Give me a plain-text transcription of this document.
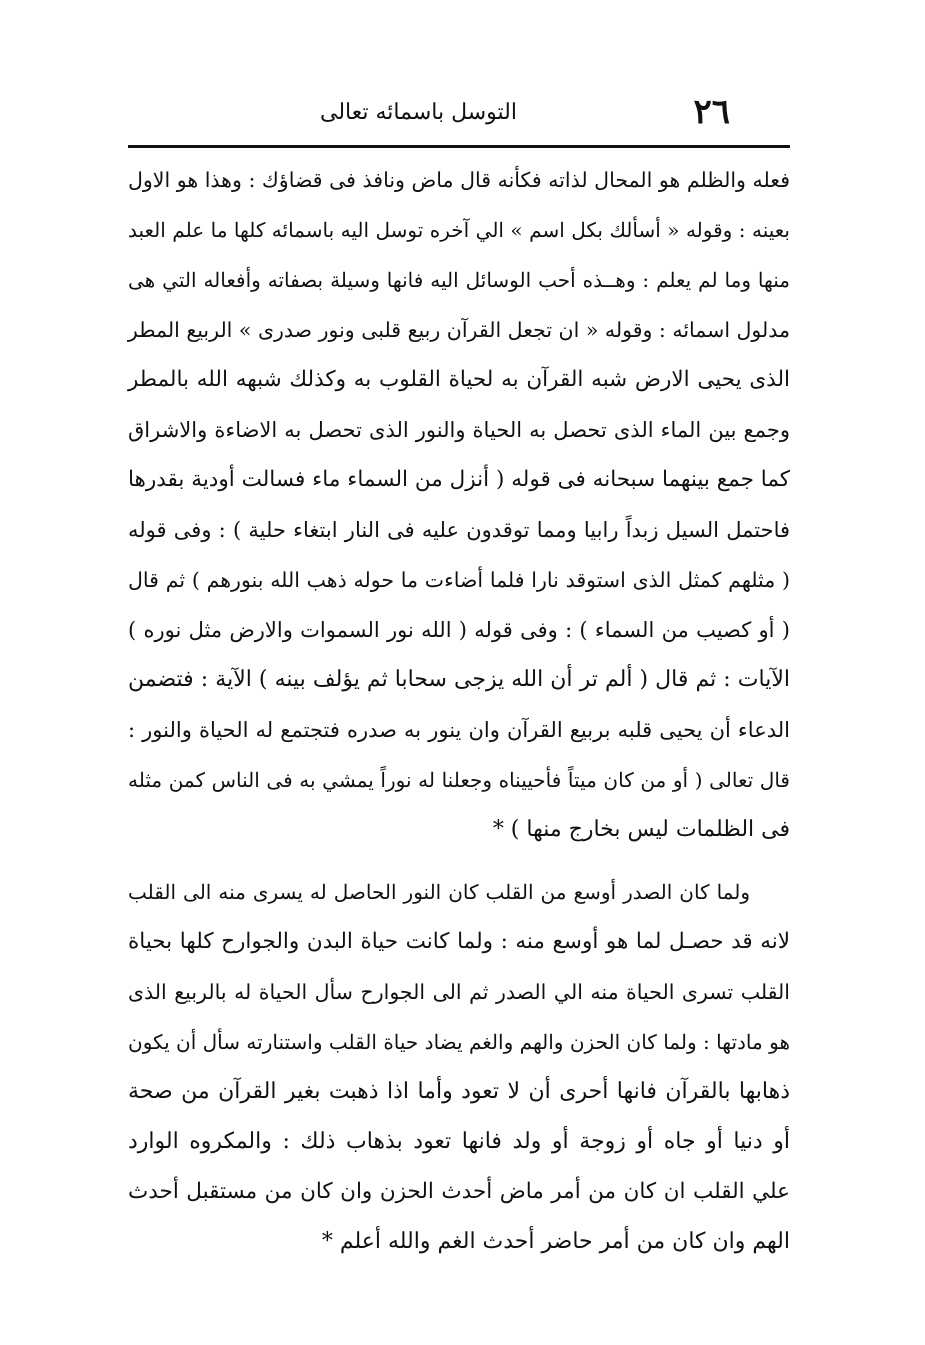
٢٦
التوسل باسمائه تعالى
فعله والظلم هو المحال لذاته فكأنه قال ماض ونافذ فى قضاؤك : وهذا هو الاول
بعينه : وقوله « أسألك بكل اسم » الي آخره توسل اليه باسمائه كلها ما علم العبد
منها وما لم يعلم : وهــذه أحب الوسائل اليه فانها وسيلة بصفاته وأفعاله التي هى
مدلول اسمائه : وقوله « ان تجعل القرآن ربيع قلبى ونور صدرى » الربيع المطر
الذى يحيى الارض شبه القرآن به لحياة القلوب به وكذلك شبهه الله بالمطر
وجمع بين الماء الذى تحصل به الحياة والنور الذى تحصل به الاضاءة والاشراق
كما جمع بينهما سبحانه فى قوله ( أنزل من السماء ماء فسالت أودية بقدرها
فاحتمل السيل زبداً رابيا ومما توقدون عليه فى النار ابتغاء حلية ) : وفى قوله
( مثلهم كمثل الذى استوقد نارا فلما أضاءت ما حوله ذهب الله بنورهم ) ثم قال
( أو كصيب من السماء ) : وفى قوله ( الله نور السموات والارض مثل نوره )
الآيات : ثم قال ( ألم تر أن الله يزجى سحابا ثم يؤلف بينه ) الآية : فتضمن
الدعاء أن يحيى قلبه بربيع القرآن وان ينور به صدره فتجتمع له الحياة والنور :
قال تعالى ( أو من كان ميتاً فأحييناه وجعلنا له نوراً يمشي به فى الناس كمن مثله
فى الظلمات ليس بخارج منها ) *
ولما كان الصدر أوسع من القلب كان النور الحاصل له يسرى منه الى القلب
لانه قد حصـل لما هو أوسع منه : ولما كانت حياة البدن والجوارح كلها بحياة
القلب تسرى الحياة منه الي الصدر ثم الى الجوارح سأل الحياة له بالربيع الذى
هو مادتها : ولما كان الحزن والهم والغم يضاد حياة القلب واستنارته سأل أن يكون
ذهابها بالقرآن فانها أحرى أن لا تعود وأما اذا ذهبت بغير القرآن من صحة
أو دنيا أو جاه أو زوجة أو ولد فانها تعود بذهاب ذلك : والمكروه الوارد
علي القلب ان كان من أمر ماض أحدث الحزن وان كان من مستقبل أحدث
الهم وان كان من أمر حاضر أحدث الغم والله أعلم *
